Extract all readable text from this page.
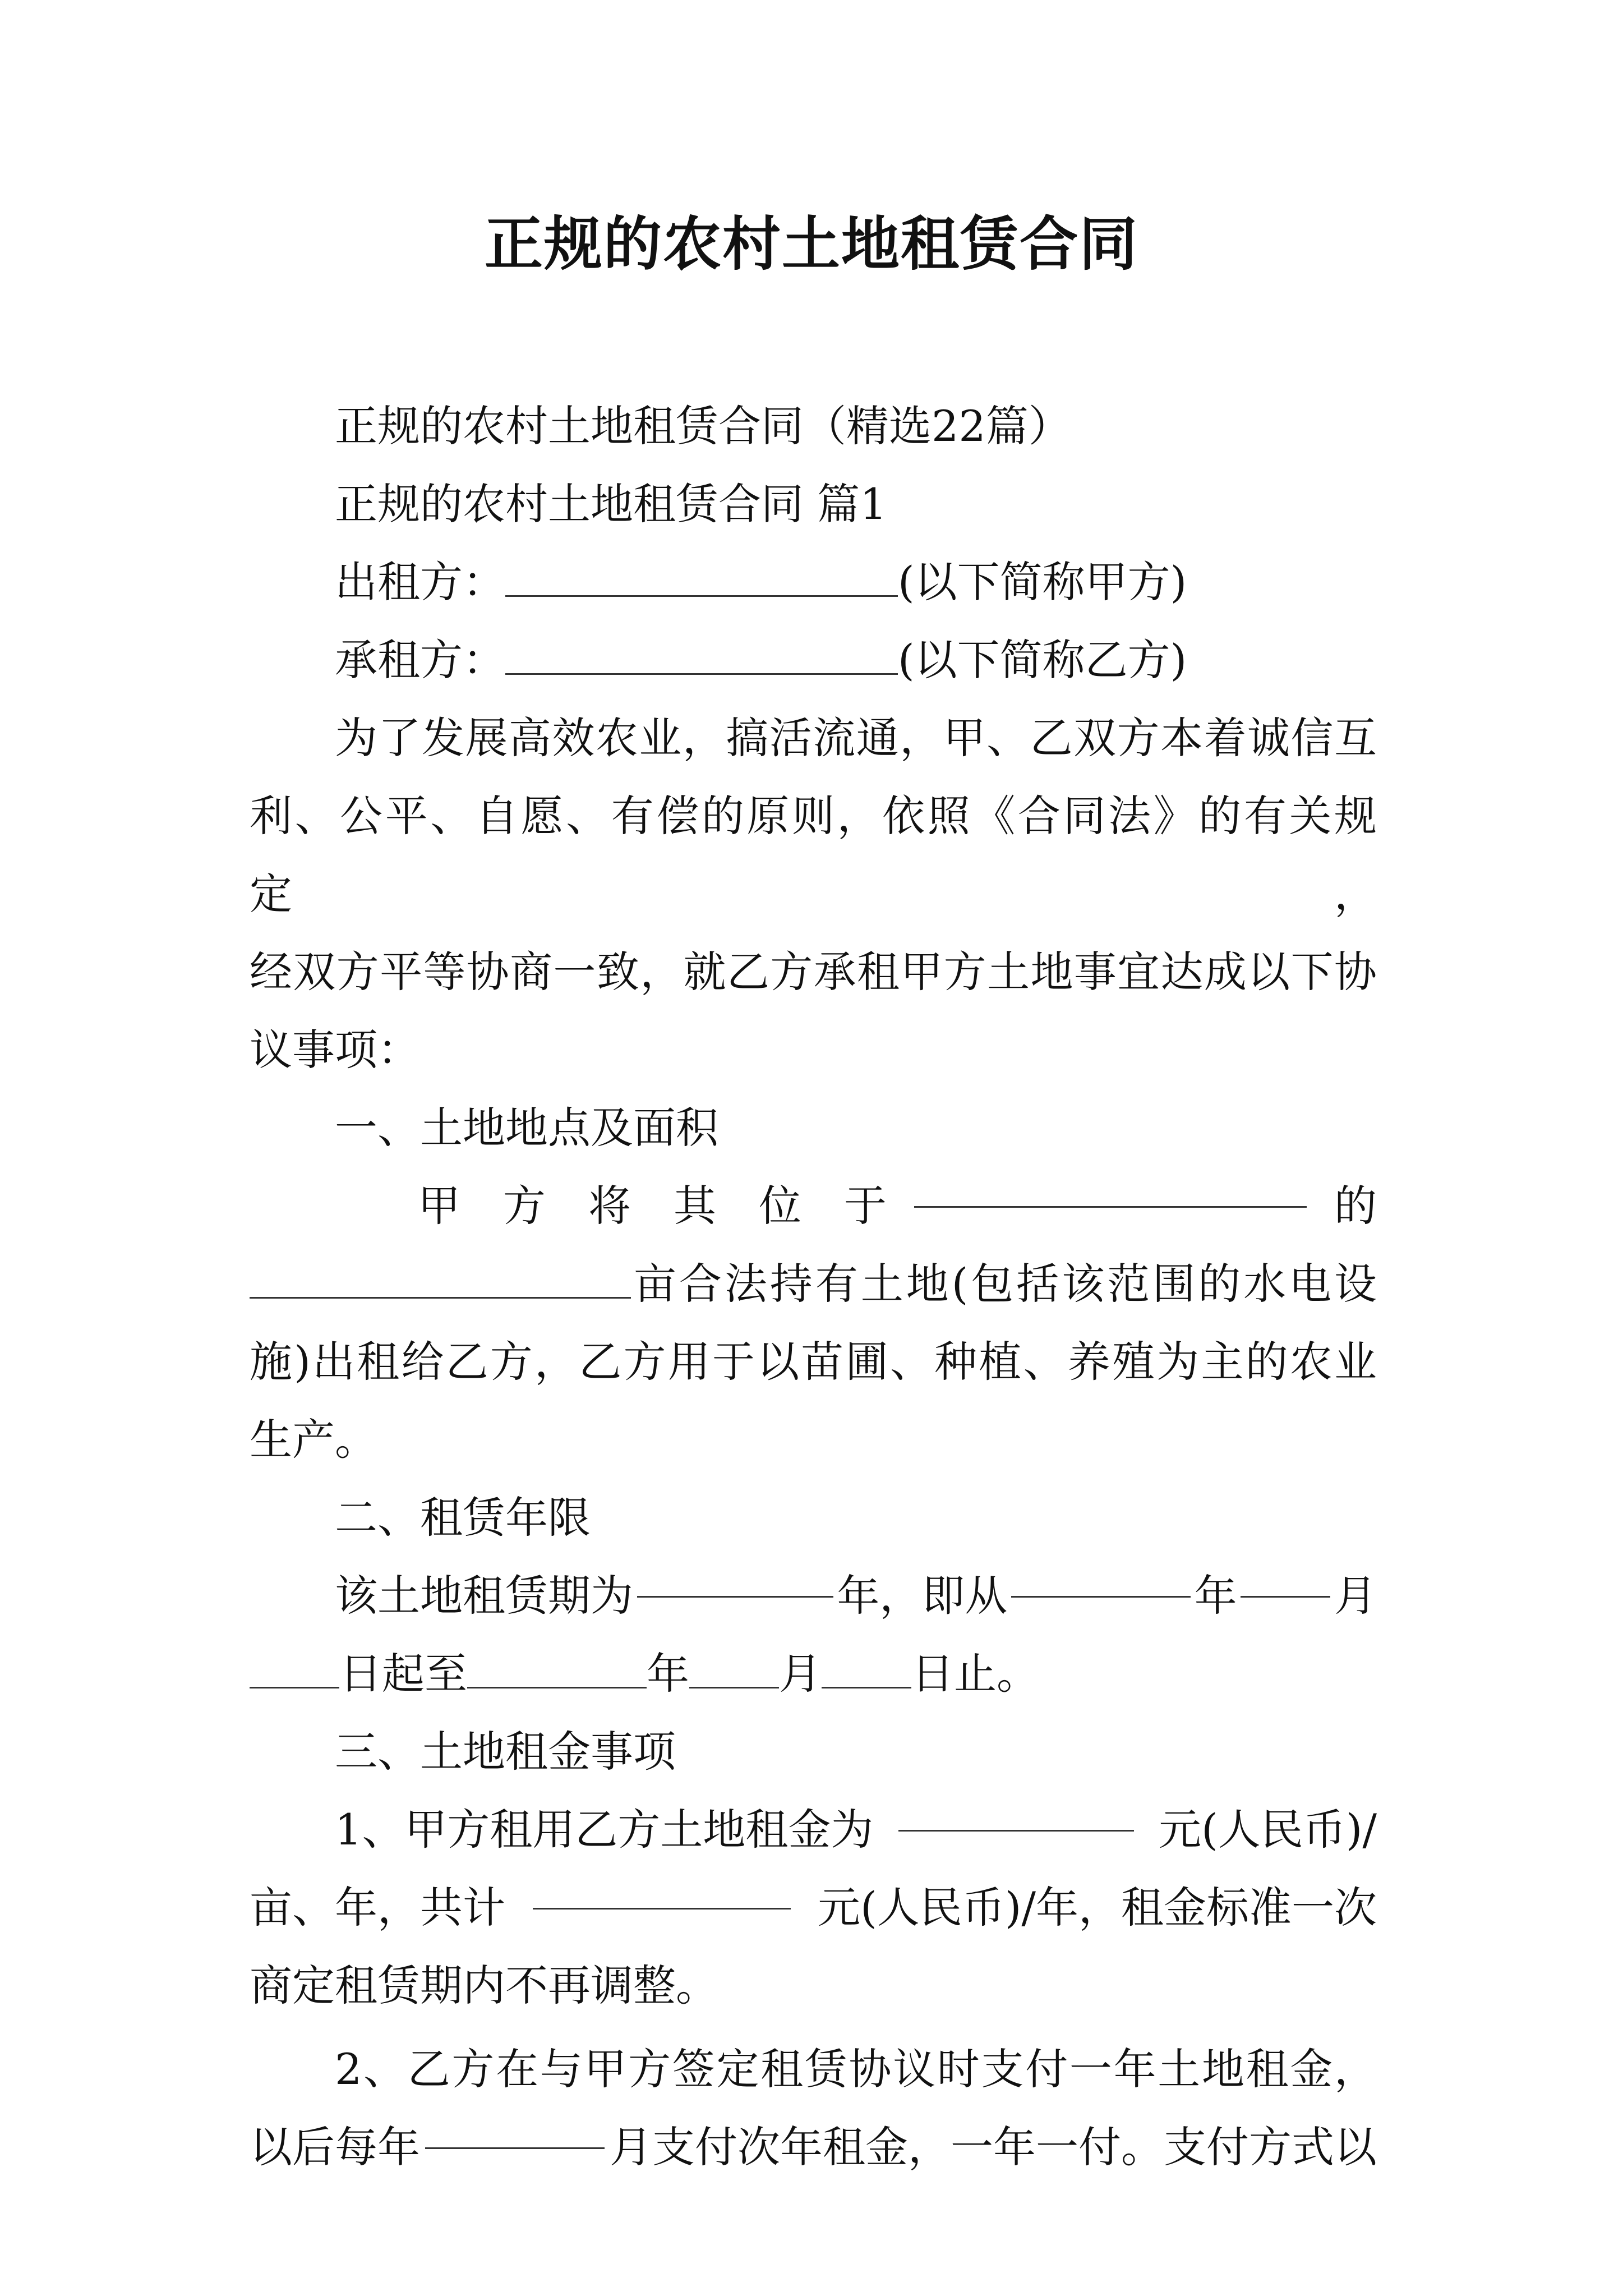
正规的农村土地租赁合同

正规的农村土地租赁合同（精选22篇）

正规的农村土地租赁合同 篇1

出租方：	(以下简称甲方)

承租方：	(以下简称乙方)

为了发展高效农业，搞活流通，甲、乙双方本着诚信互

利、公平、自愿、有偿的原则，依照《合同法》的有关规定，

经双方平等协商一致，就乙方承租甲方土地事宜达成以下协

议事项：

一、土地地点及面积

甲　方　将　其　位　于	的

亩合法持有土地(包括该范围的水电设

施)出租给乙方，乙方用于以苗圃、种植、养殖为主的农业

生产。

二、租赁年限

该土地租赁期为	年，即从	年 月

日起至	年 月 日止。

三、土地租金事项

1、甲方租用乙方土地租金为	元(人民币)/

亩、年，共计	元(人民币)/年，租金标准一次

商定租赁期内不再调整。

2、乙方在与甲方签定租赁协议时支付一年土地租金，

以后每年	月支付次年租金，一年一付。支付方式以
